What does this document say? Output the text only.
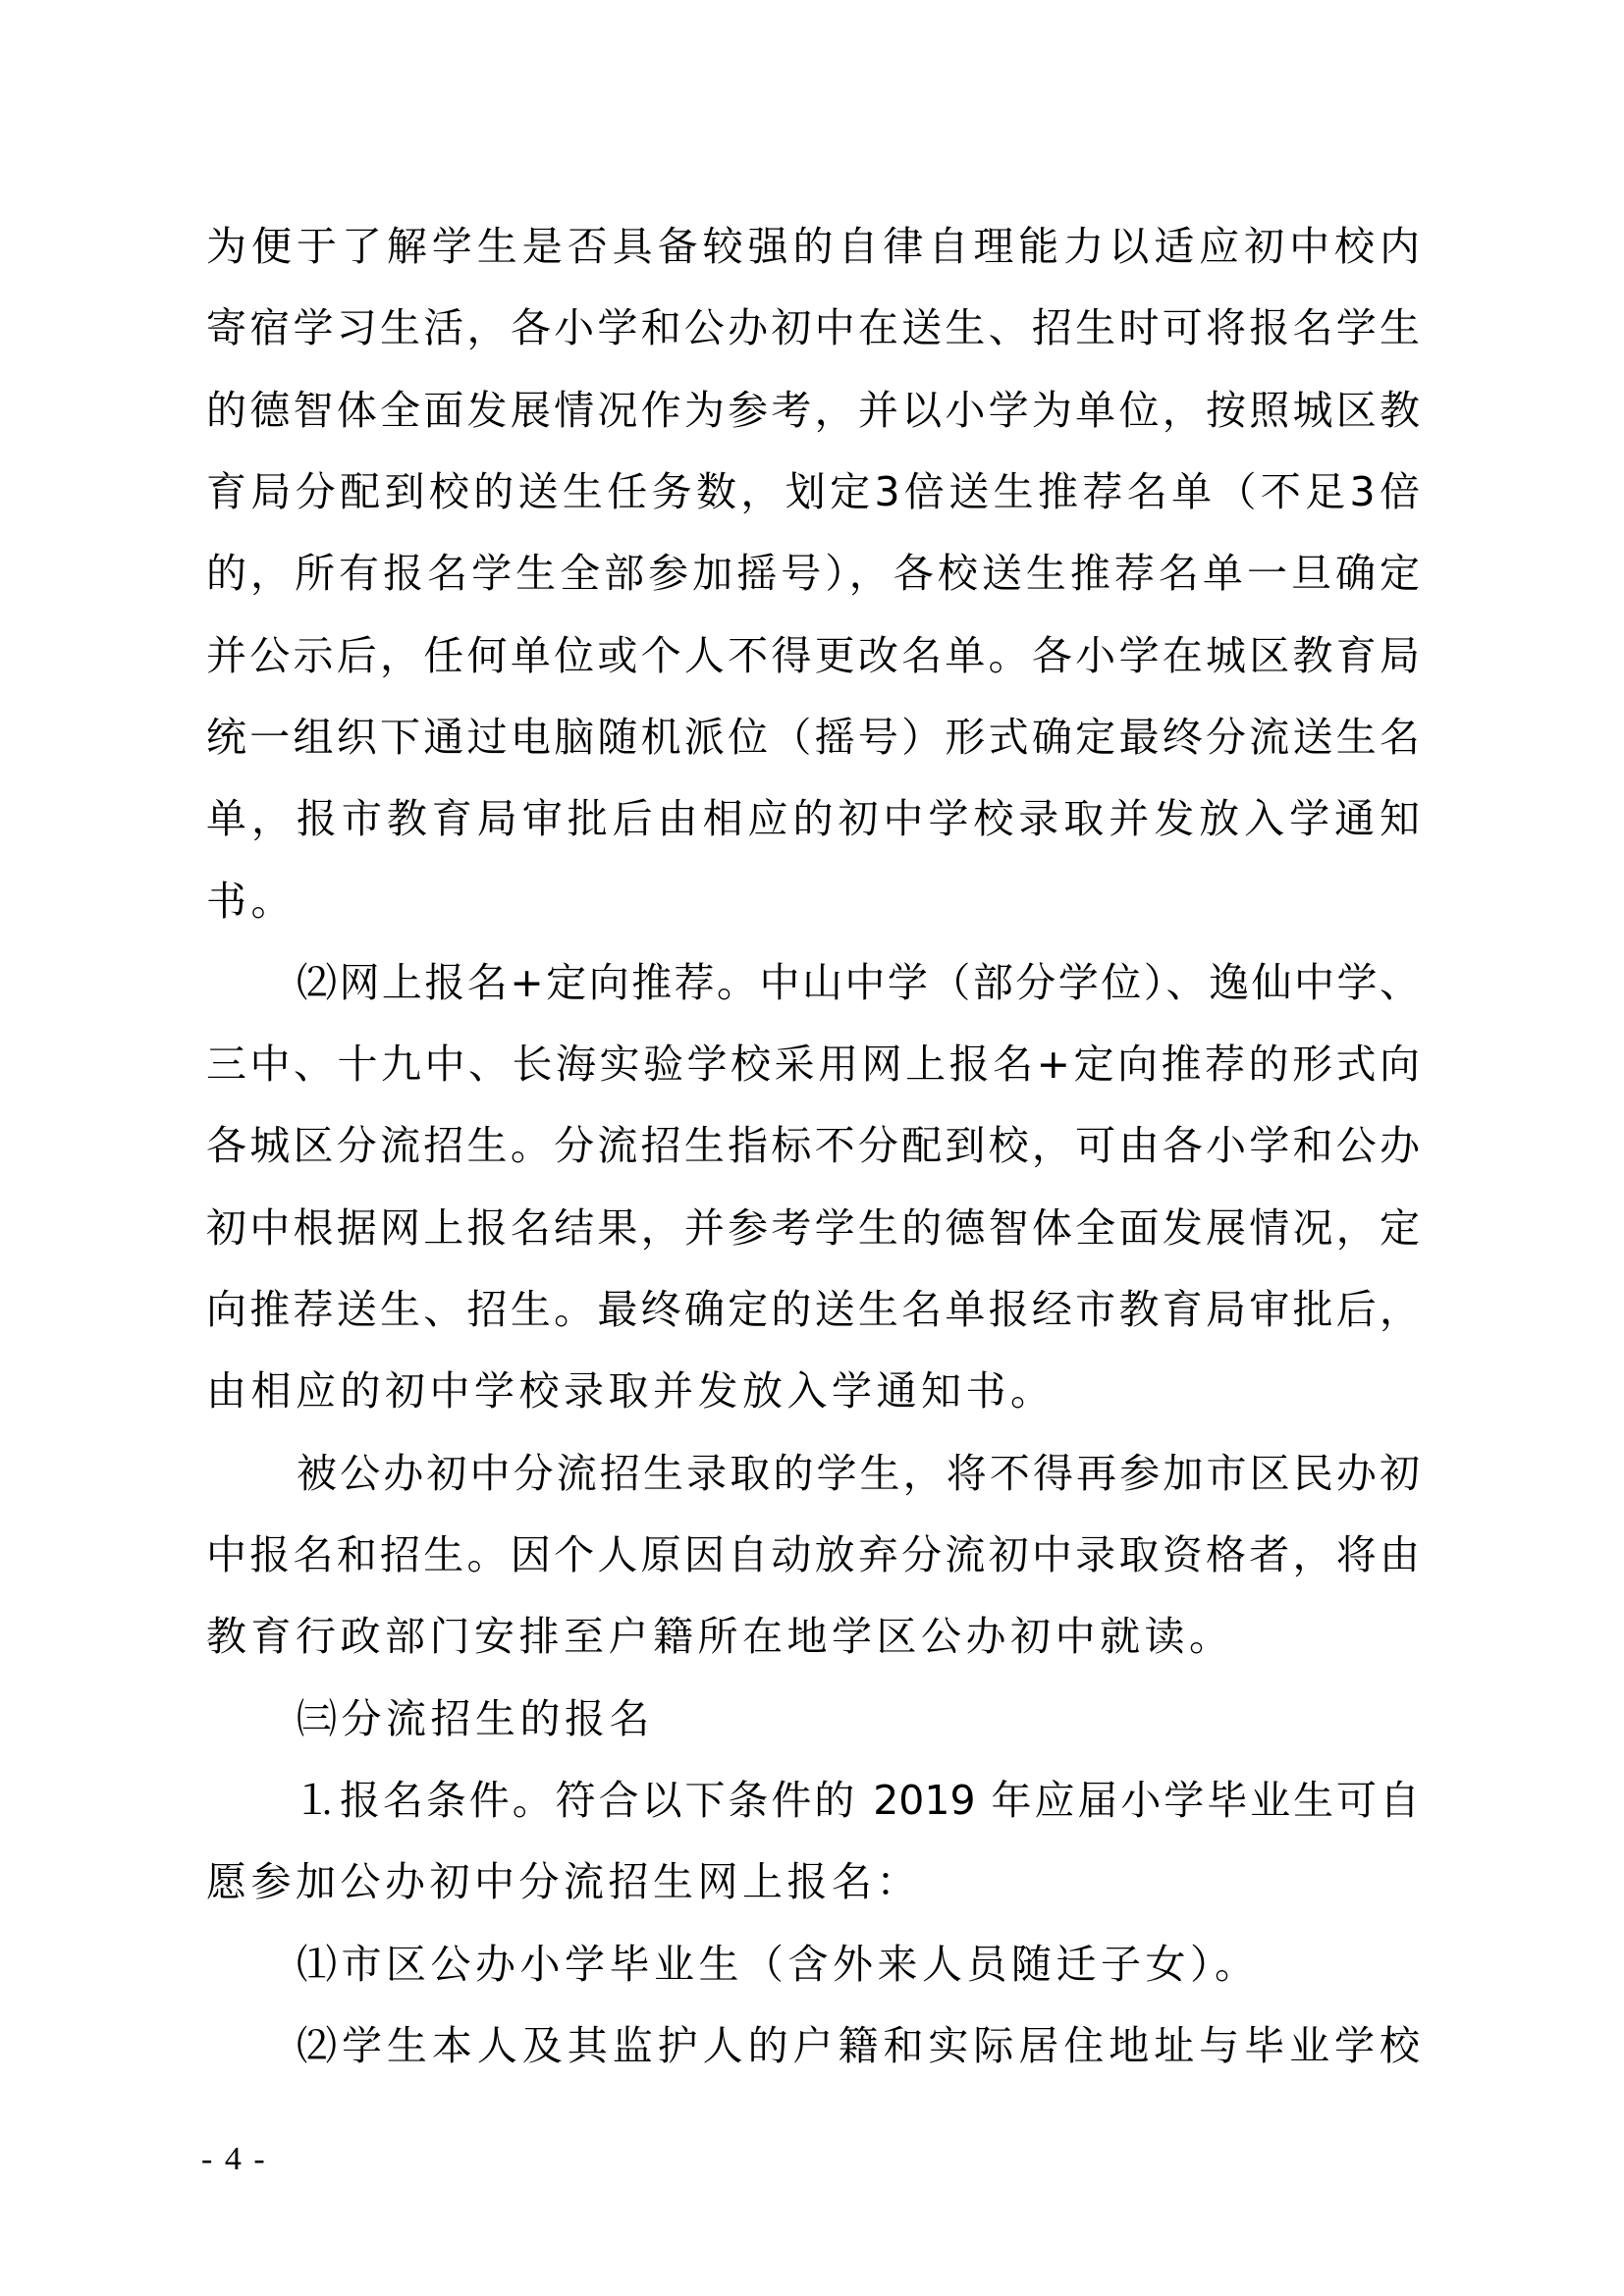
为便于了解学生是否具备较强的自律自理能力以适应初中校内
寄宿学习生活，各小学和公办初中在送生、招生时可将报名学生
的德智体全面发展情况作为参考，并以小学为单位，按照城区教
育局分配到校的送生任务数，划定3倍送生推荐名单（不足3倍
的，所有报名学生全部参加摇号），各校送生推荐名单一旦确定
并公示后，任何单位或个人不得更改名单。各小学在城区教育局
统一组织下通过电脑随机派位（摇号）形式确定最终分流送生名
单，报市教育局审批后由相应的初中学校录取并发放入学通知
书。
⑵网上报名+定向推荐。中山中学（部分学位）、逸仙中学、
三中、十九中、长海实验学校采用网上报名+定向推荐的形式向
各城区分流招生。分流招生指标不分配到校，可由各小学和公办
初中根据网上报名结果，并参考学生的德智体全面发展情况，定
向推荐送生、招生。最终确定的送生名单报经市教育局审批后，
由相应的初中学校录取并发放入学通知书。
被公办初中分流招生录取的学生，将不得再参加市区民办初
中报名和招生。因个人原因自动放弃分流初中录取资格者，将由
教育行政部门安排至户籍所在地学区公办初中就读。
㈢分流招生的报名
⒈报名条件。符合以下条件的 2019 年应届小学毕业生可自
愿参加公办初中分流招生网上报名：
⑴市区公办小学毕业生（含外来人员随迁子女）。
⑵学生本人及其监护人的户籍和实际居住地址与毕业学校
- 4 -
